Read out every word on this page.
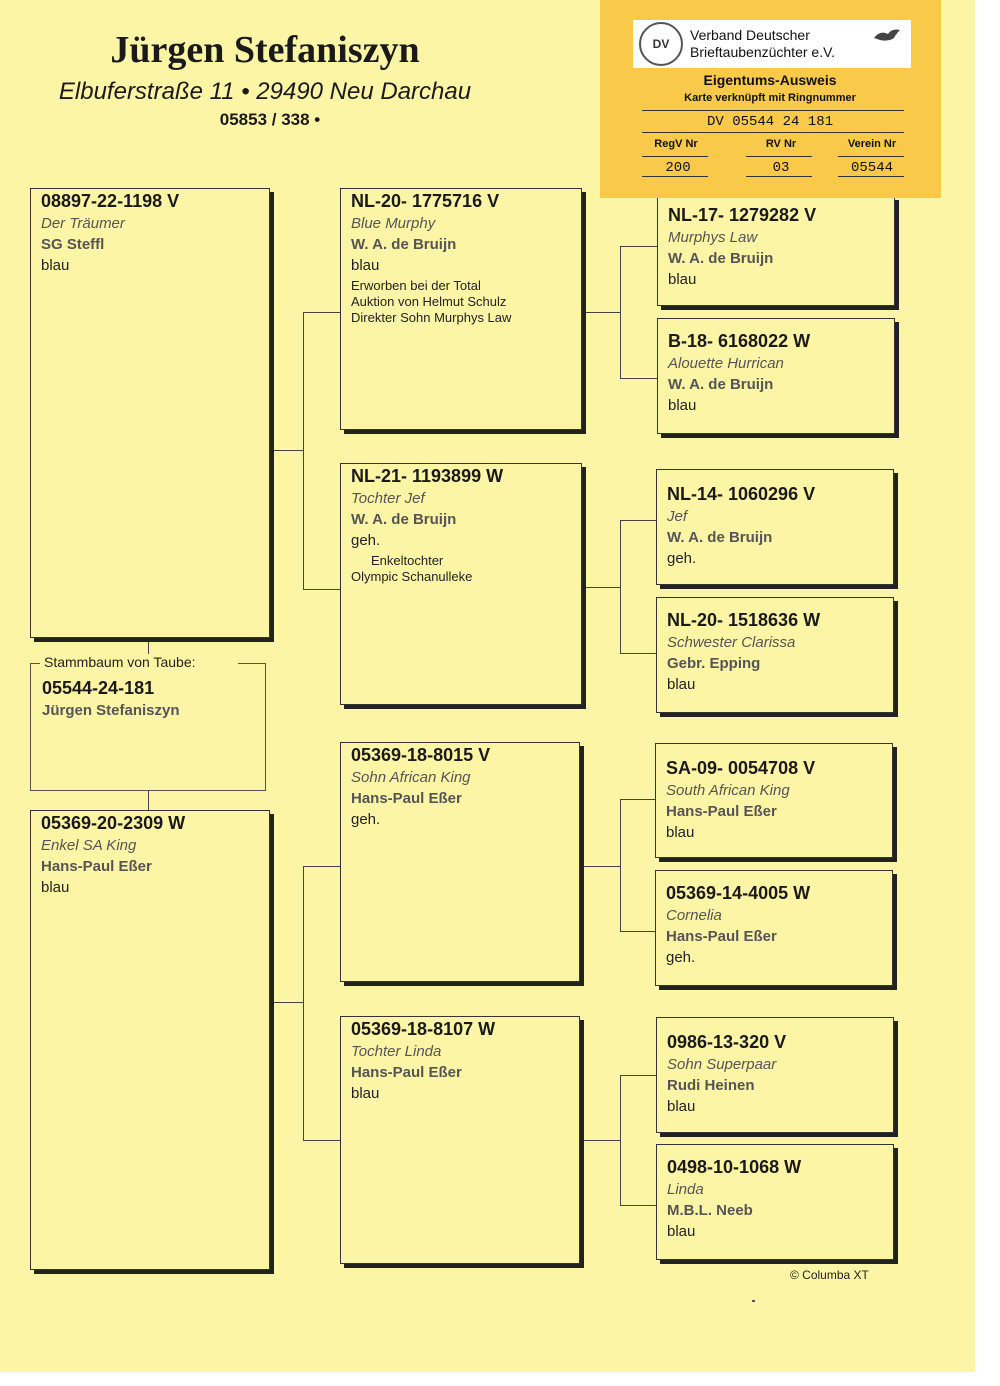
Jürgen Stefaniszyn
Elbuferstraße 11 • 29490 Neu Darchau
05853 / 338 •
08897-22-1198 V
Der Träumer
SG Steffl
blau
05369-20-2309 W
Enkel SA King
Hans-Paul Eßer
blau
Stammbaum von Taube:
05544-24-181
Jürgen Stefaniszyn
NL-20- 1775716 V
Blue Murphy
W. A. de Bruijn
blau
Erworben bei der Total
Auktion von Helmut Schulz
Direkter Sohn Murphys Law
NL-21- 1193899 W
Tochter Jef
W. A. de Bruijn
geh.
Enkeltochter
Olympic Schanulleke
05369-18-8015 V
Sohn African King
Hans-Paul Eßer
geh.
05369-18-8107 W
Tochter Linda
Hans-Paul Eßer
blau
NL-17- 1279282 V
Murphys Law
W. A. de Bruijn
blau
B-18- 6168022 W
Alouette Hurrican
W. A. de Bruijn
blau
NL-14- 1060296 V
Jef
W. A. de Bruijn
geh.
NL-20- 1518636 W
Schwester Clarissa
Gebr. Epping
blau
SA-09- 0054708 V
South African King
Hans-Paul Eßer
blau
05369-14-4005 W
Cornelia
Hans-Paul Eßer
geh.
0986-13-320 V
Sohn Superpaar
Rudi Heinen
blau
0498-10-1068 W
Linda
M.B.L. Neeb
blau
DV
Verband Deutscher
Brieftaubenzüchter e.V.
Eigentums-Ausweis
Karte verknüpft mit Ringnummer
DV 05544 24 181
RegV Nr	RV Nr	Verein Nr
200	03	05544
© Columba XT
